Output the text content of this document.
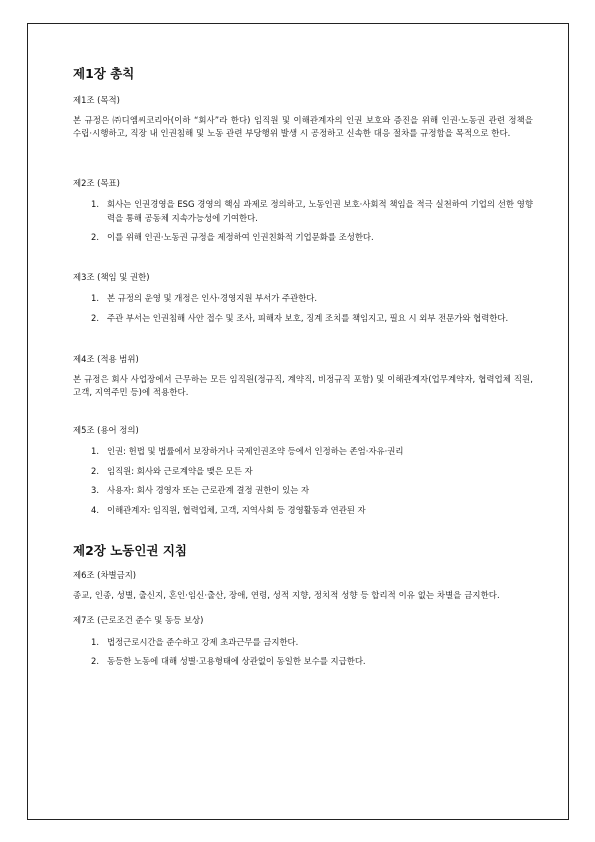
제1장 총칙
제1조 (목적)

본 규정은 ㈜디엠씨코리아(이하 “회사”라 한다) 임직원 및 이해관계자의 인권 보호와 증진을 위해 인권·노동권 관련 정책을 수립·시행하고, 직장 내 인권침해 및 노동 관련 부당행위 발생 시 공정하고 신속한 대응 절차를 규정함을 목적으로 한다.

제2조 (목표)
1. 회사는 인권경영을 ESG 경영의 핵심 과제로 정의하고, 노동인권 보호·사회적 책임을 적극 실천하여 기업의 선한 영향력을 통해 공동체 지속가능성에 기여한다.
2. 이를 위해 인권·노동권 규정을 제정하여 인권친화적 기업문화를 조성한다.
제3조 (책임 및 권한)
1. 본 규정의 운영 및 개정은 인사·경영지원 부서가 주관한다.
2. 주관 부서는 인권침해 사안 접수 및 조사, 피해자 보호, 징계 조치를 책임지고, 필요 시 외부 전문가와 협력한다.
제4조 (적용 범위)

본 규정은 회사 사업장에서 근무하는 모든 임직원(정규직, 계약직, 비정규직 포함) 및 이해관계자(업무계약자, 협력업체 직원, 고객, 지역주민 등)에 적용한다.

제5조 (용어 정의)
1. 인권: 헌법 및 법률에서 보장하거나 국제인권조약 등에서 인정하는 존엄·자유·권리
2. 임직원: 회사와 근로계약을 맺은 모든 자
3. 사용자: 회사 경영자 또는 근로관계 결정 권한이 있는 자
4. 이해관계자: 임직원, 협력업체, 고객, 지역사회 등 경영활동과 연관된 자
제2장 노동인권 지침
제6조 (차별금지)

종교, 인종, 성별, 출신지, 혼인·임신·출산, 장애, 연령, 성적 지향, 정치적 성향 등 합리적 이유 없는 차별을 금지한다.

제7조 (근로조건 준수 및 동등 보상)
1. 법정근로시간을 준수하고 강제 초과근무를 금지한다.
2. 동등한 노동에 대해 성별·고용형태에 상관없이 동일한 보수를 지급한다.
